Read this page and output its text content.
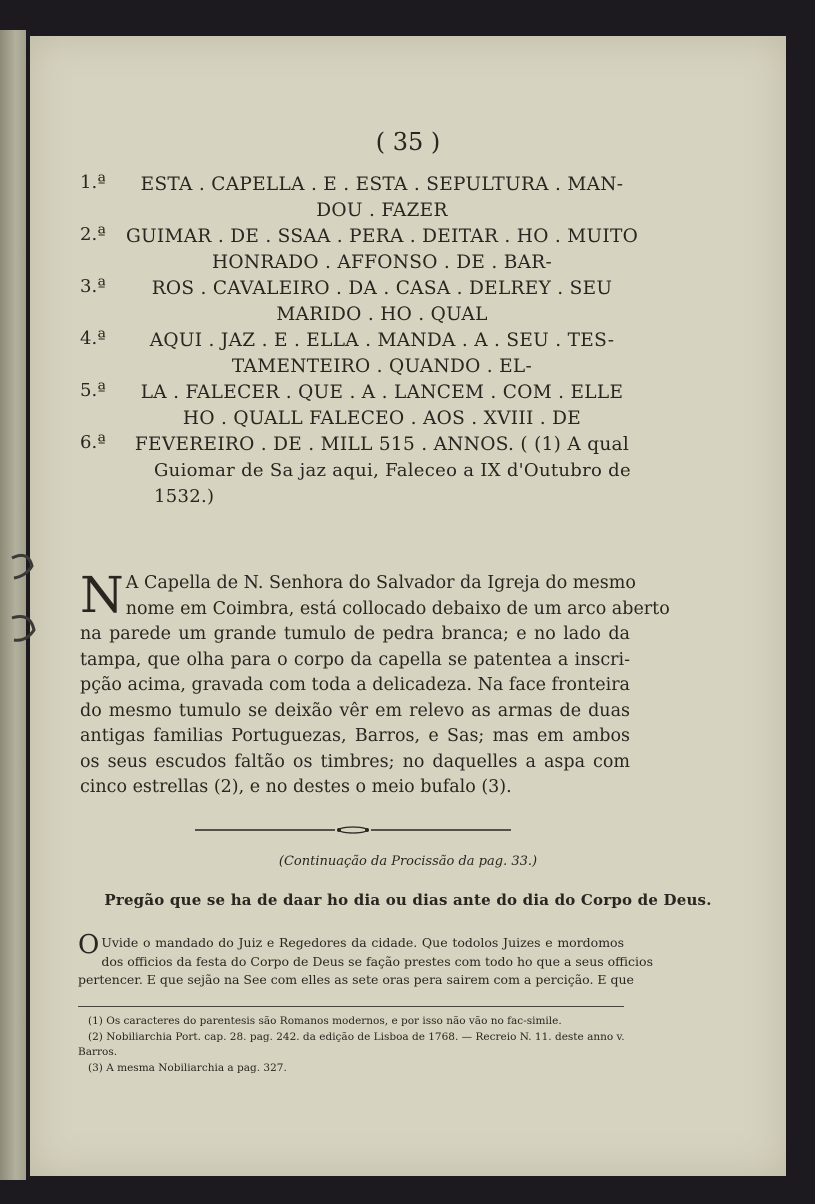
( 35 )
1.ª	ESTA . CAPELLA . E . ESTA . SEPULTURA . MAN-
DOU . FAZER
2.ª GUIMAR . DE . SSAA . PERA . DEITAR . HO . MUITO
HONRADO . AFFONSO . DE . BAR-
3.ª	ROS . CAVALEIRO . DA . CASA . DELREY . SEU
MARIDO . HO . QUAL
4.ª	AQUI . JAZ . E . ELLA . MANDA . A . SEU . TES-
TAMENTEIRO . QUANDO . EL-
5.ª	LA . FALECER . QUE . A . LANCEM . COM . ELLE
HO . QUALL FALECEO . AOS . XVIII . DE
6.ª	FEVEREIRO . DE . MILL 515 . ANNOS. ( (1) A qual
Guiomar de Sa jaz aqui, Faleceo a IX d'Outubro de
1532.)
N A Capella de N. Senhora do Salvador da Igreja do mesmo
nome em Coimbra, está collocado debaixo de um arco aberto
na parede um grande tumulo de pedra branca; e no lado da
tampa, que olha para o corpo da capella se patentea a inscri-
pção acima, gravada com toda a delicadeza. Na face fronteira
do mesmo tumulo se deixão vêr em relevo as armas de duas
antigas familias Portuguezas, Barros, e Sas; mas em ambos
os seus escudos faltão os timbres; no daquelles a aspa com
cinco estrellas (2), e no destes o meio bufalo (3).
(Continuação da Procissão da pag. 33.)
Pregão que se ha de daar ho dia ou dias ante do dia do Corpo de Deus.
O Uvide o mandado do Juiz e Regedores da cidade. Que todolos Juizes e mordomos
dos officios da festa do Corpo de Deus se fação prestes com todo ho que a seus officios
pertencer. E que sejão na See com elles as sete oras pera sairem com a percição. E que
(1) Os caracteres do parentesis são Romanos modernos, e por isso não vão no fac-simile.
(2) Nobiliarchia Port. cap. 28. pag. 242. da edição de Lisboa de 1768. — Recreio N. 11. deste anno v.
Barros.
(3) A mesma Nobiliarchia a pag. 327.
